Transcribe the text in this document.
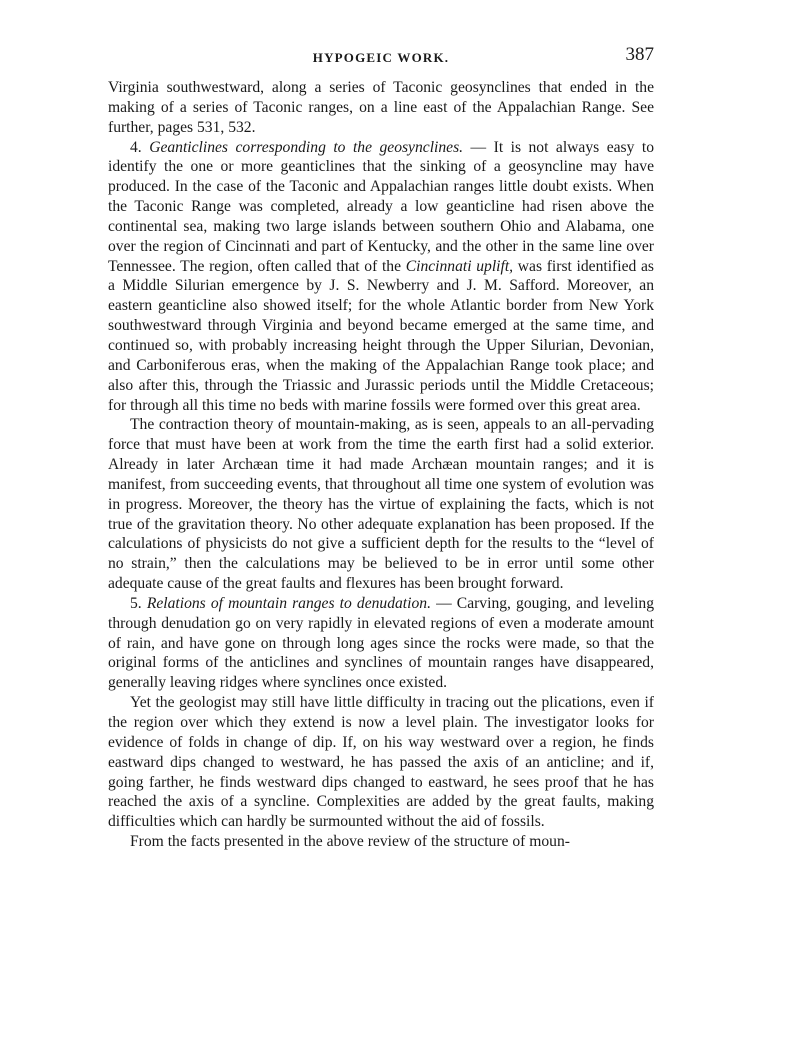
HYPOGEIC WORK.	387

Virginia southwestward, along a series of Taconic geosynclines that ended in the making of a series of Taconic ranges, on a line east of the Appalachian Range. See further, pages 531, 532.

4. Geanticlines corresponding to the geosynclines. — It is not always easy to identify the one or more geanticlines that the sinking of a geosyncline may have produced. In the case of the Taconic and Appalachian ranges little doubt exists. When the Taconic Range was completed, already a low geanticline had risen above the continental sea, making two large islands between southern Ohio and Alabama, one over the region of Cincinnati and part of Kentucky, and the other in the same line over Tennessee. The region, often called that of the Cincinnati uplift, was first identified as a Middle Silurian emergence by J. S. Newberry and J. M. Safford. Moreover, an eastern geanticline also showed itself; for the whole Atlantic border from New York southwestward through Virginia and beyond became emerged at the same time, and continued so, with probably increasing height through the Upper Silurian, Devonian, and Carboniferous eras, when the making of the Appalachian Range took place; and also after this, through the Triassic and Jurassic periods until the Middle Cretaceous; for through all this time no beds with marine fossils were formed over this great area.

The contraction theory of mountain-making, as is seen, appeals to an all-pervading force that must have been at work from the time the earth first had a solid exterior. Already in later Archæan time it had made Archæan mountain ranges; and it is manifest, from succeeding events, that throughout all time one system of evolution was in progress. Moreover, the theory has the virtue of explaining the facts, which is not true of the gravitation theory. No other adequate explanation has been proposed. If the calculations of physicists do not give a sufficient depth for the results to the “level of no strain,” then the calculations may be believed to be in error until some other adequate cause of the great faults and flexures has been brought forward.

5. Relations of mountain ranges to denudation. — Carving, gouging, and leveling through denudation go on very rapidly in elevated regions of even a moderate amount of rain, and have gone on through long ages since the rocks were made, so that the original forms of the anticlines and synclines of mountain ranges have disappeared, generally leaving ridges where synclines once existed.

Yet the geologist may still have little difficulty in tracing out the plications, even if the region over which they extend is now a level plain. The investigator looks for evidence of folds in change of dip. If, on his way westward over a region, he finds eastward dips changed to westward, he has passed the axis of an anticline; and if, going farther, he finds westward dips changed to eastward, he sees proof that he has reached the axis of a syncline. Complexities are added by the great faults, making difficulties which can hardly be surmounted without the aid of fossils.

From the facts presented in the above review of the structure of moun-
